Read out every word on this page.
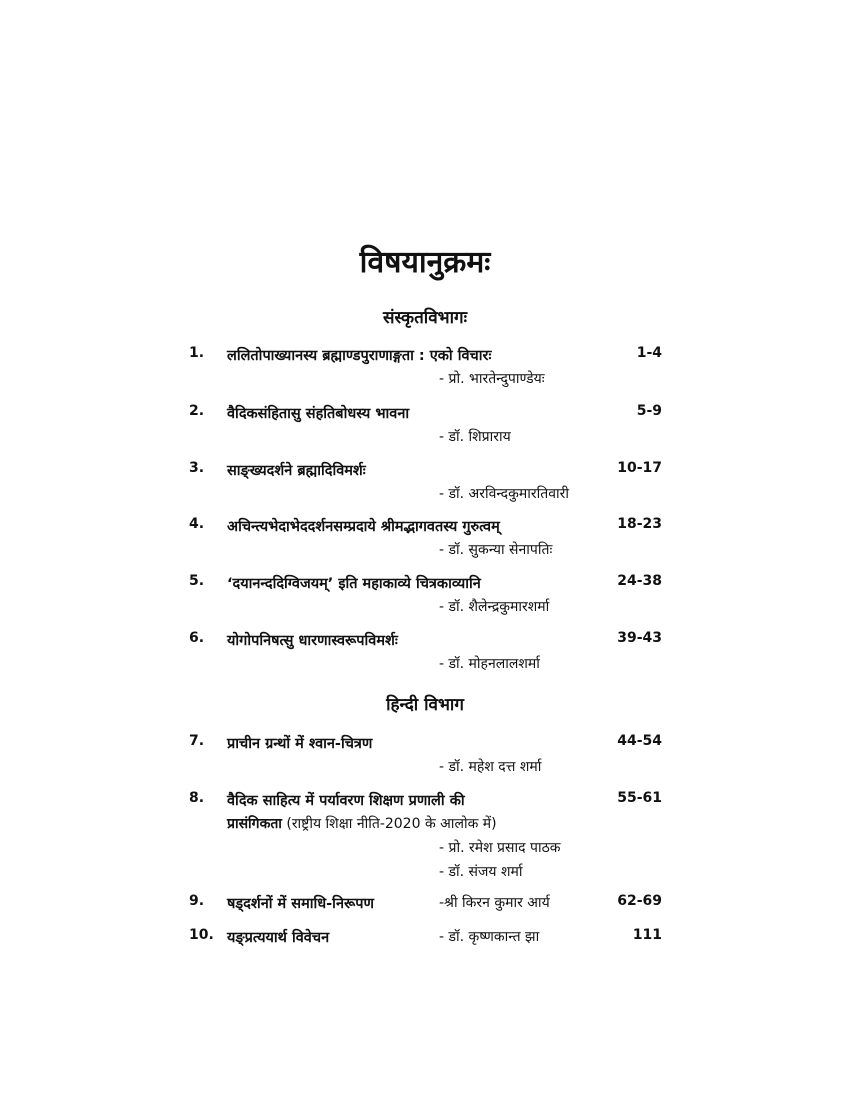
विषयानुक्रमः
संस्कृतविभागः
1. ललितोपाख्यानस्य ब्रह्माण्डपुराणाङ्गता : एको विचारः	1-4
- प्रो. भारतेन्दुपाण्डेयः
2. वैदिकसंहितासु संहतिबोधस्य भावना	5-9
- डॉ. शिप्राराय
3. साङ्ख्यदर्शने ब्रह्मादिविमर्शः	10-17
- डॉ. अरविन्दकुमारतिवारी
4. अचिन्त्यभेदाभेददर्शनसम्प्रदाये श्रीमद्भागवतस्य गुरुत्वम्	18-23
- डॉ. सुकन्या सेनापतिः
5. ‘दयानन्ददिग्विजयम्’ इति महाकाव्ये चित्रकाव्यानि	24-38
- डॉ. शैलेन्द्रकुमारशर्मा
6. योगोपनिषत्सु धारणास्वरूपविमर्शः	39-43
- डॉ. मोहनलालशर्मा
हिन्दी विभाग
7. प्राचीन ग्रन्थों में श्वान-चित्रण	44-54
- डॉ. महेश दत्त शर्मा
8. वैदिक साहित्य में पर्यावरण शिक्षण प्रणाली की	55-61
प्रासंगिकता (राष्ट्रीय शिक्षा नीति-2020 के आलोक में)
- प्रो. रमेश प्रसाद पाठक
- डॉ. संजय शर्मा
9. षड्दर्शनों में समाधि-निरूपण	-श्री किरन कुमार आर्य	62-69
10. यङ्प्रत्ययार्थ विवेचन	- डॉ. कृष्णकान्त झा	111
